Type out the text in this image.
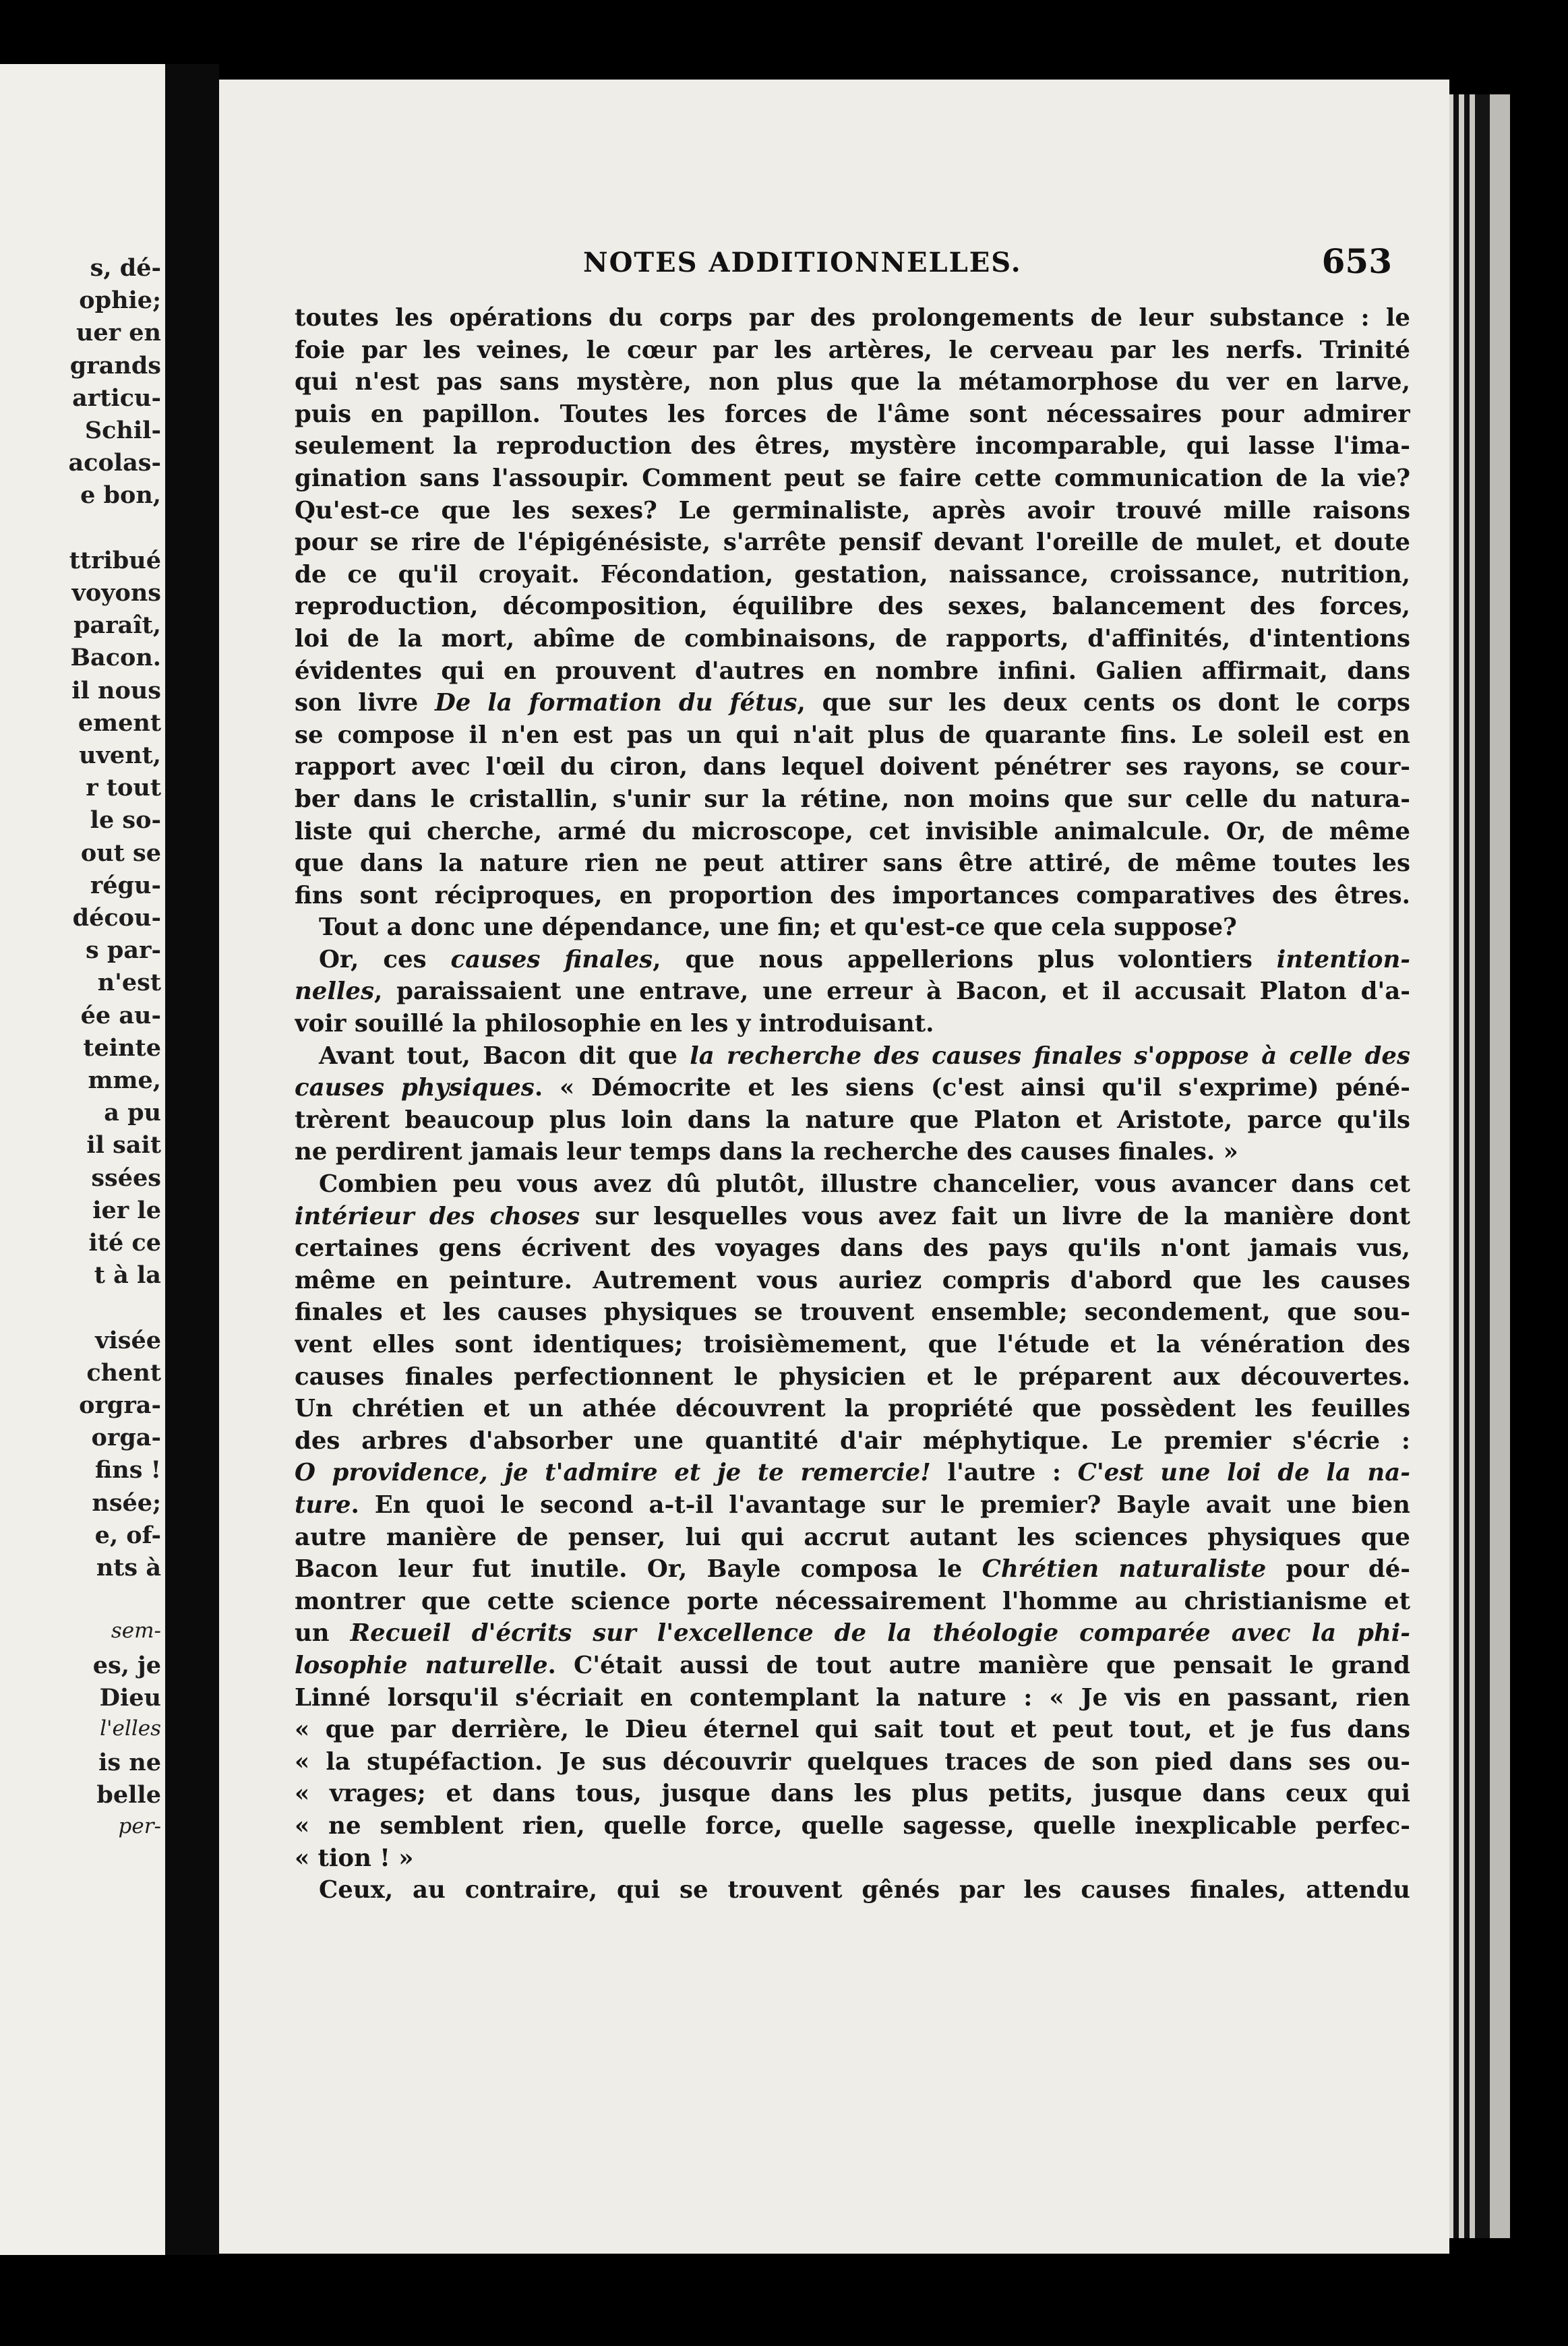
s, dé-

ophie;

uer en

grands

articu-

Schil-

acolas-

e bon,

ttribué

voyons

paraît,

Bacon.

il nous

ement

uvent,

r tout

le so-

out se

régu-

décou-

s par-

n'est

ée au-

teinte

mme,

a pu

il sait

ssées

ier le

ité ce

t à la

visée

chent

orgra-

orga-

fins !

nsée;

e, of-

nts à

sem-

es, je

Dieu

l'elles

is ne

belle

per-

NOTES ADDITIONNELLES.	653

toutes les opérations du corps par des prolongements de leur substance : le
foie par les veines, le cœur par les artères, le cerveau par les nerfs. Trinité
qui n'est pas sans mystère, non plus que la métamorphose du ver en larve,
puis en papillon. Toutes les forces de l'âme sont nécessaires pour admirer
seulement la reproduction des êtres, mystère incomparable, qui lasse l'ima-
gination sans l'assoupir. Comment peut se faire cette communication de la vie?
Qu'est-ce que les sexes? Le germinaliste, après avoir trouvé mille raisons
pour se rire de l'épigénésiste, s'arrête pensif devant l'oreille de mulet, et doute
de ce qu'il croyait. Fécondation, gestation, naissance, croissance, nutrition,
reproduction, décomposition, équilibre des sexes, balancement des forces,
loi de la mort, abîme de combinaisons, de rapports, d'affinités, d'intentions
évidentes qui en prouvent d'autres en nombre infini. Galien affirmait, dans
son livre De la formation du fétus, que sur les deux cents os dont le corps
se compose il n'en est pas un qui n'ait plus de quarante fins. Le soleil est en
rapport avec l'œil du ciron, dans lequel doivent pénétrer ses rayons, se cour-
ber dans le cristallin, s'unir sur la rétine, non moins que sur celle du natura-
liste qui cherche, armé du microscope, cet invisible animalcule. Or, de même
que dans la nature rien ne peut attirer sans être attiré, de même toutes les
fins sont réciproques, en proportion des importances comparatives des êtres.
Tout a donc une dépendance, une fin; et qu'est-ce que cela suppose?
Or, ces causes finales, que nous appellerions plus volontiers intention-
nelles, paraissaient une entrave, une erreur à Bacon, et il accusait Platon d'a-
voir souillé la philosophie en les y introduisant.
Avant tout, Bacon dit que la recherche des causes finales s'oppose à celle des
causes physiques. « Démocrite et les siens (c'est ainsi qu'il s'exprime) péné-
trèrent beaucoup plus loin dans la nature que Platon et Aristote, parce qu'ils
ne perdirent jamais leur temps dans la recherche des causes finales. »
Combien peu vous avez dû plutôt, illustre chancelier, vous avancer dans cet
intérieur des choses sur lesquelles vous avez fait un livre de la manière dont
certaines gens écrivent des voyages dans des pays qu'ils n'ont jamais vus,
même en peinture. Autrement vous auriez compris d'abord que les causes
finales et les causes physiques se trouvent ensemble; secondement, que sou-
vent elles sont identiques; troisièmement, que l'étude et la vénération des
causes finales perfectionnent le physicien et le préparent aux découvertes.
Un chrétien et un athée découvrent la propriété que possèdent les feuilles
des arbres d'absorber une quantité d'air méphytique. Le premier s'écrie :
O providence, je t'admire et je te remercie! l'autre : C'est une loi de la na-
ture. En quoi le second a-t-il l'avantage sur le premier? Bayle avait une bien
autre manière de penser, lui qui accrut autant les sciences physiques que
Bacon leur fut inutile. Or, Bayle composa le Chrétien naturaliste pour dé-
montrer que cette science porte nécessairement l'homme au christianisme et
un Recueil d'écrits sur l'excellence de la théologie comparée avec la phi-
losophie naturelle. C'était aussi de tout autre manière que pensait le grand
Linné lorsqu'il s'écriait en contemplant la nature : « Je vis en passant, rien
« que par derrière, le Dieu éternel qui sait tout et peut tout, et je fus dans
« la stupéfaction. Je sus découvrir quelques traces de son pied dans ses ou-
« vrages; et dans tous, jusque dans les plus petits, jusque dans ceux qui
« ne semblent rien, quelle force, quelle sagesse, quelle inexplicable perfec-
« tion ! »
Ceux, au contraire, qui se trouvent gênés par les causes finales, attendu
